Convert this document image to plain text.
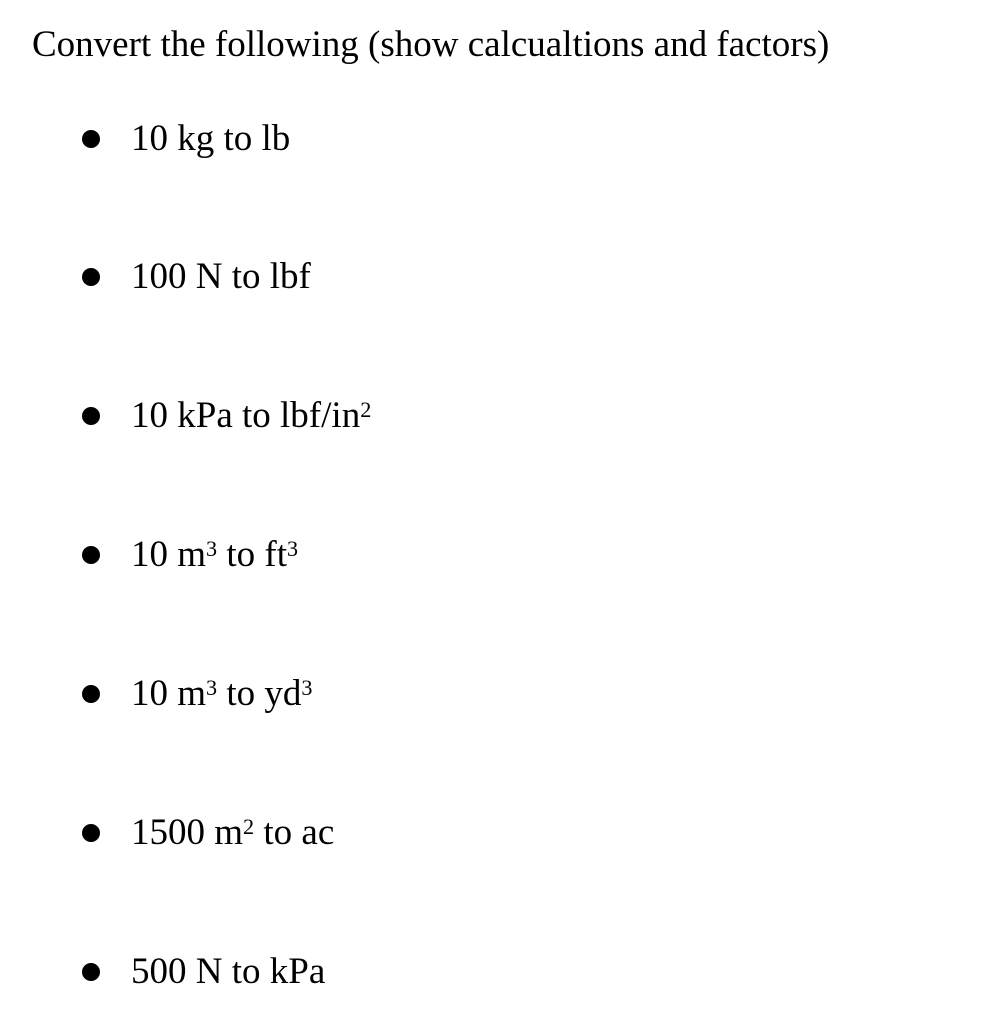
Convert the following (show calcualtions and factors)
10 kg to lb
100 N to lbf
10 kPa to lbf/$in^2$
10 $m^3$ to $ft^3$
10 $m^3$ to $yd^3$
1500 $m^2$ to ac
500 N to kPa
